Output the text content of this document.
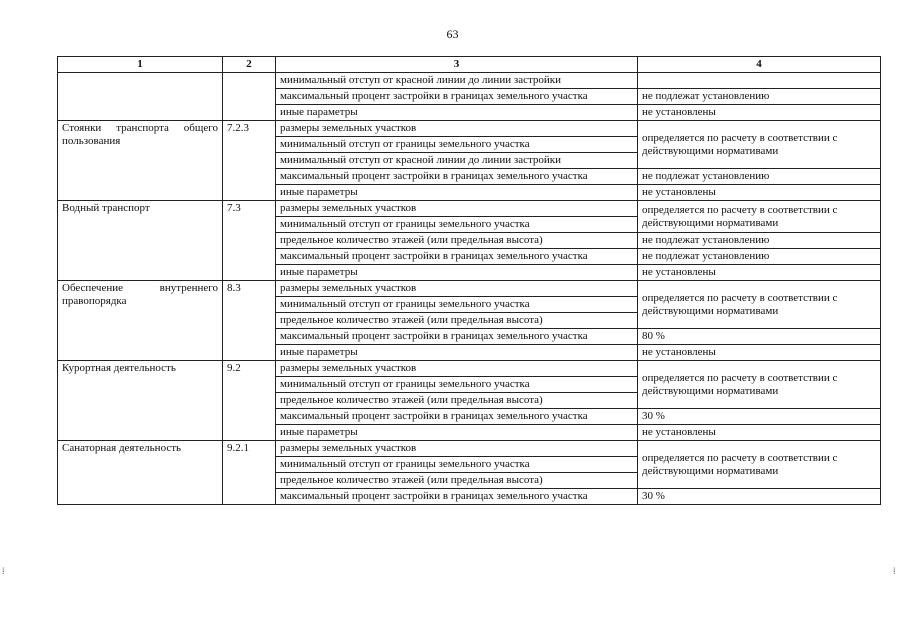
63
1	2	3	4
		минимальный отступ от красной линии до линии застройки	
		максимальный процент застройки в границах земельного участка	не подлежат установлению
		иные параметры	не установлены
Стоянки транспорта общего пользования	7.2.3	размеры земельных участков	определяется по расчету в соответствии с действующими нормативами
		минимальный отступ от границы земельного участка	
		минимальный отступ от красной линии до линии застройки	
		максимальный процент застройки в границах земельного участка	не подлежат установлению
		иные параметры	не установлены
Водный транспорт	7.3	размеры земельных участков	определяется по расчету в соответствии с действующими нормативами
		минимальный отступ от границы земельного участка	
		предельное количество этажей (или предельная высота)	не подлежат установлению
		максимальный процент застройки в границах земельного участка	не подлежат установлению
		иные параметры	не установлены
Обеспечение внутреннего правопорядка	8.3	размеры земельных участков	определяется по расчету в соответствии с действующими нормативами
		минимальный отступ от границы земельного участка	
		предельное количество этажей (или предельная высота)	
		максимальный процент застройки в границах земельного участка	80 %
		иные параметры	не установлены
Курортная деятельность	9.2	размеры земельных участков	определяется по расчету в соответствии с действующими нормативами
		минимальный отступ от границы земельного участка	
		предельное количество этажей (или предельная высота)	
		максимальный процент застройки в границах земельного участка	30 %
		иные параметры	не установлены
Санаторная деятельность	9.2.1	размеры земельных участков	определяется по расчету в соответствии с действующими нормативами
		минимальный отступ от границы земельного участка	
		предельное количество этажей (или предельная высота)	
		максимальный процент застройки в границах земельного участка	30 %
⁞	⁞
